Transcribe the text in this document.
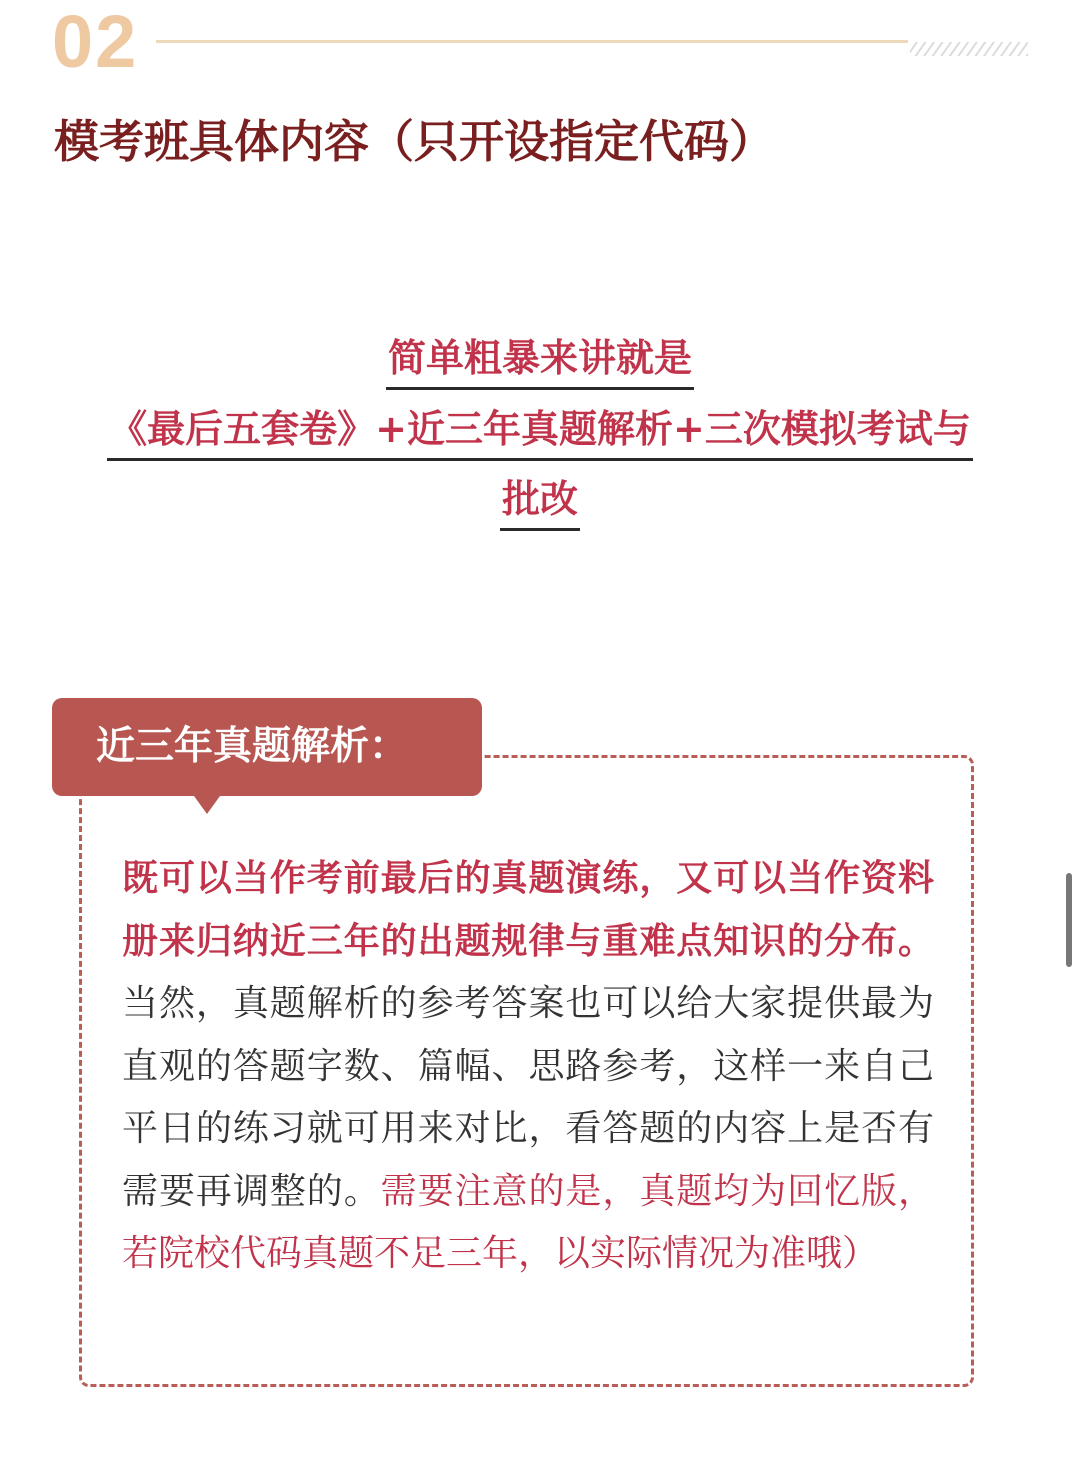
02
模考班具体内容（只开设指定代码）
简单粗暴来讲就是
《最后五套卷》+近三年真题解析+三次模拟考试与
批改
近三年真题解析：
既可以当作考前最后的真题演练，又可以当作资料册来归纳近三年的出题规律与重难点知识的分布。当然，真题解析的参考答案也可以给大家提供最为直观的答题字数、篇幅、思路参考，这样一来自己平日的练习就可用来对比，看答题的内容上是否有需要再调整的。需要注意的是，真题均为回忆版，若院校代码真题不足三年，以实际情况为准哦）
